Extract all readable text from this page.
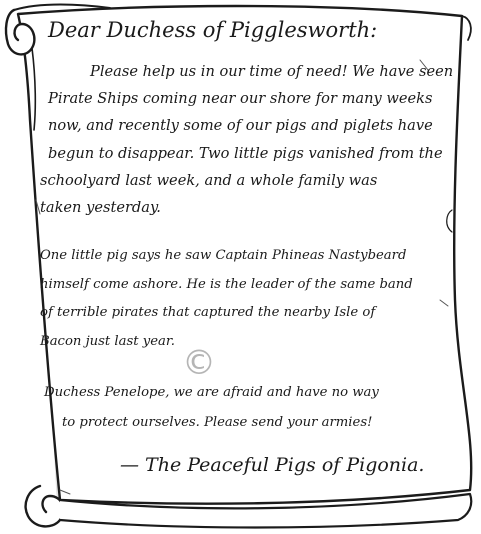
Dear Duchess of Pigglesworth:

Please help us in our time of need! We have seen

Pirate Ships coming near our shore for many weeks

now, and recently some of our pigs and piglets have

begun to disappear. Two little pigs vanished from the

schoolyard last week, and a whole family was

taken yesterday.

One little pig says he saw Captain Phineas Nastybeard

himself come ashore. He is the leader of the same band

of terrible pirates that captured the nearby Isle of

Bacon just last year.

©

Duchess Penelope, we are afraid and have no way

to protect ourselves. Please send your armies!

— The Peaceful Pigs of Pigonia.
